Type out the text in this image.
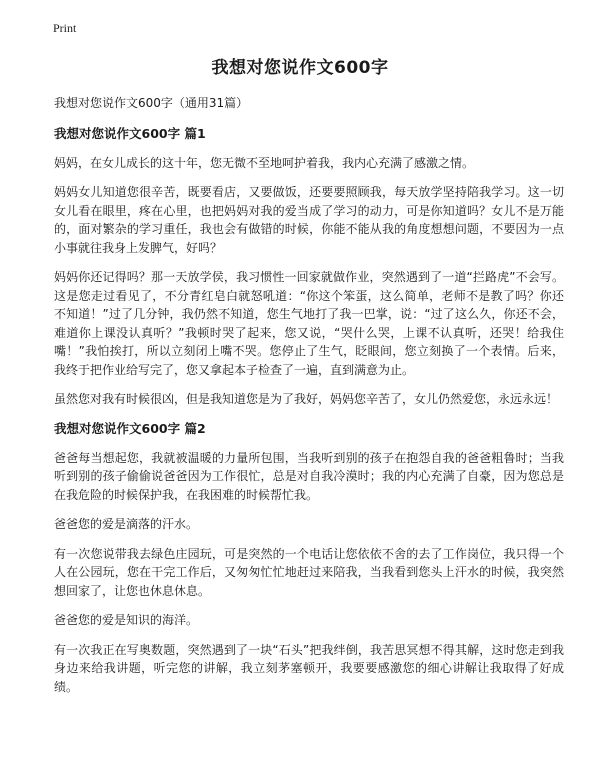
Print
我想对您说作文600字

我想对您说作文600字（通用31篇）

我想对您说作文600字 篇1

妈妈，在女儿成长的这十年，您无微不至地呵护着我，我内心充满了感激之情。

妈妈女儿知道您很辛苦，既要看店，又要做饭，还要要照顾我，每天放学坚持陪我学习。这一切女儿看在眼里，疼在心里，也把妈妈对我的爱当成了学习的动力，可是你知道吗？女儿不是万能的，面对繁杂的学习重任，我也会有做错的时候，你能不能从我的角度想想问题，不要因为一点小事就往我身上发脾气，好吗？

妈妈你还记得吗？那一天放学侯，我习惯性一回家就做作业，突然遇到了一道“拦路虎”不会写。这是您走过看见了，不分青红皂白就怒吼道：“你这个笨蛋，这么简单，老师不是教了吗？你还不知道！”过了几分钟，我仍然不知道，您生气地打了我一巴掌，说：“过了这么久，你还不会，难道你上课没认真听？”我顿时哭了起来，您又说，“哭什么哭，上课不认真听，还哭！给我住嘴！”我怕挨打，所以立刻闭上嘴不哭。您停止了生气，眨眼间，您立刻换了一个表情。后来，我终于把作业给写完了，您又拿起本子检查了一遍，直到满意为止。

虽然您对我有时候很凶，但是我知道您是为了我好，妈妈您辛苦了，女儿仍然爱您，永远永远！

我想对您说作文600字 篇2

爸爸每当想起您，我就被温暖的力量所包围，当我听到别的孩子在抱怨自我的爸爸粗鲁时；当我听到别的孩子偷偷说爸爸因为工作很忙，总是对自我冷漠时；我的内心充满了自豪，因为您总是在我危险的时候保护我，在我困难的时候帮忙我。

爸爸您的爱是滴落的汗水。

有一次您说带我去绿色庄园玩，可是突然的一个电话让您依依不舍的去了工作岗位，我只得一个人在公园玩，您在干完工作后，又匆匆忙忙地赶过来陪我，当我看到您头上汗水的时候，我突然想回家了，让您也休息休息。

爸爸您的爱是知识的海洋。

有一次我正在写奥数题，突然遇到了一块“石头”把我绊倒，我苦思冥想不得其解，这时您走到我身边来给我讲题，听完您的讲解，我立刻茅塞顿开，我要要感激您的细心讲解让我取得了好成绩。
